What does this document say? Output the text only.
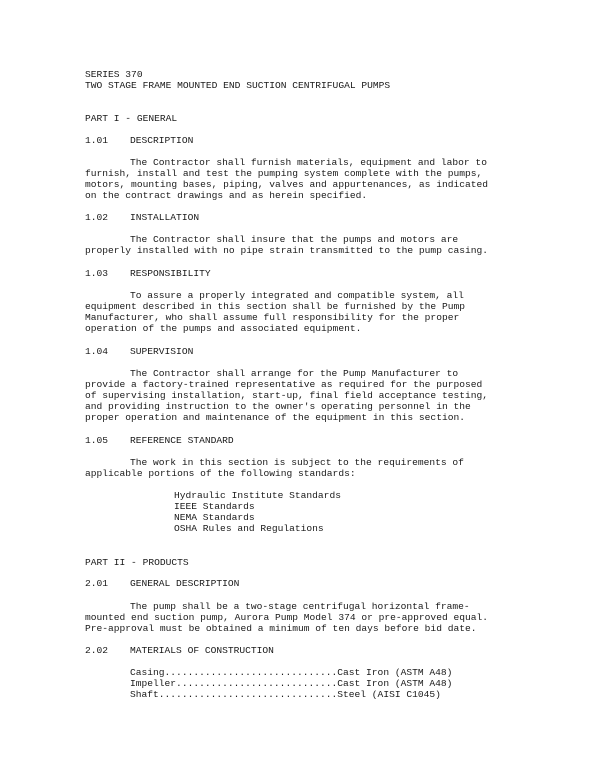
SERIES 370
TWO STAGE FRAME MOUNTED END SUCTION CENTRIFUGAL PUMPS
PART I - GENERAL
1.01 DESCRIPTION
The Contractor shall furnish materials, equipment and labor to
furnish, install and test the pumping system complete with the pumps,
motors, mounting bases, piping, valves and appurtenances, as indicated
on the contract drawings and as herein specified.
1.02 INSTALLATION
The Contractor shall insure that the pumps and motors are
properly installed with no pipe strain transmitted to the pump casing.
1.03 RESPONSIBILITY
To assure a properly integrated and compatible system, all
equipment described in this section shall be furnished by the Pump
Manufacturer, who shall assume full responsibility for the proper
operation of the pumps and associated equipment.
1.04 SUPERVISION
The Contractor shall arrange for the Pump Manufacturer to
provide a factory-trained representative as required for the purposed
of supervising installation, start-up, final field acceptance testing,
and providing instruction to the owner's operating personnel in the
proper operation and maintenance of the equipment in this section.
1.05 REFERENCE STANDARD
The work in this section is subject to the requirements of
applicable portions of the following standards:
Hydraulic Institute Standards
IEEE Standards
NEMA Standards
OSHA Rules and Regulations
PART II - PRODUCTS
2.01 GENERAL DESCRIPTION
The pump shall be a two-stage centrifugal horizontal frame-
mounted end suction pump, Aurora Pump Model 374 or pre-approved equal.
Pre-approval must be obtained a minimum of ten days before bid date.
2.02 MATERIALS OF CONSTRUCTION
Casing..............................Cast Iron (ASTM A48)
Impeller............................Cast Iron (ASTM A48)
Shaft...............................Steel (AISI C1045)
